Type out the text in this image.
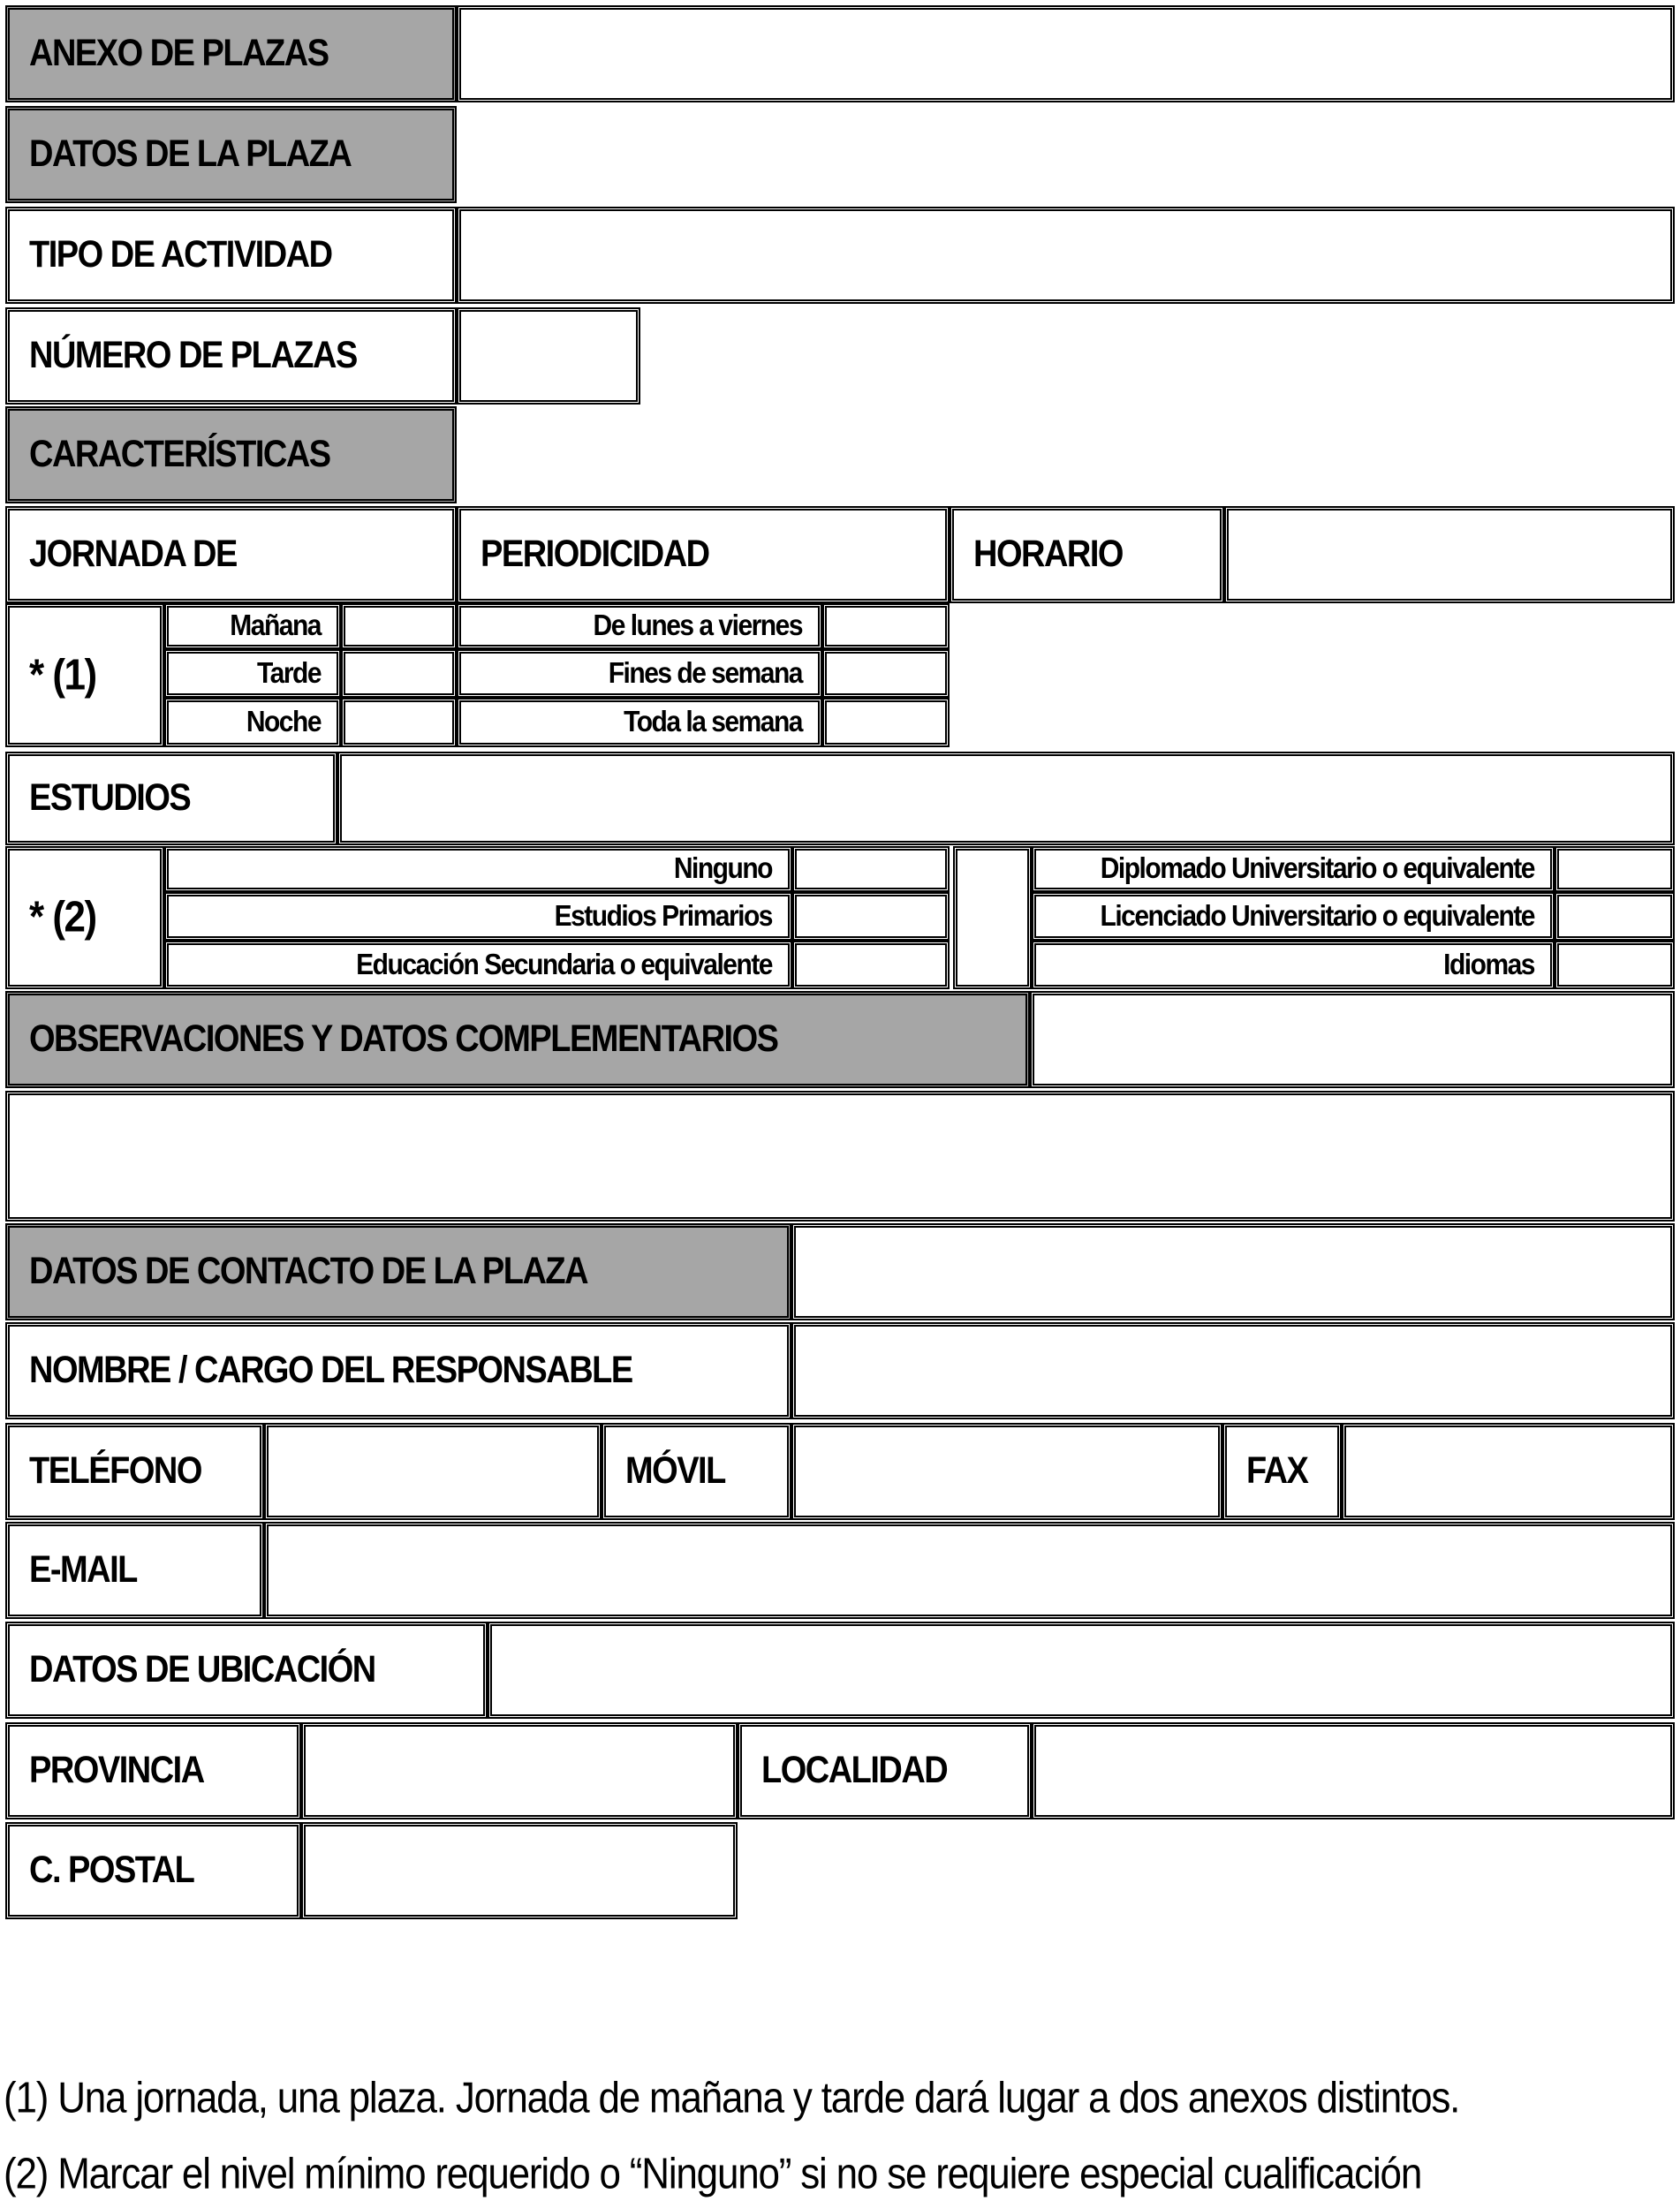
ANEXO DE PLAZAS
DATOS DE LA PLAZA
TIPO DE ACTIVIDAD
NÚMERO DE PLAZAS
CARACTERÍSTICAS
JORNADA DE	PERIODICIDAD	HORARIO
* (1)
Mañana	De lunes a viernes
Tarde	Fines de semana
Noche	Toda la semana
ESTUDIOS
* (2)
Ninguno	Diplomado Universitario o equivalente
Estudios Primarios	Licenciado Universitario o equivalente
Educación Secundaria o equivalente	Idiomas
OBSERVACIONES Y DATOS COMPLEMENTARIOS
DATOS DE CONTACTO DE LA PLAZA
NOMBRE / CARGO DEL RESPONSABLE
TELÉFONO	MÓVIL	FAX
E-MAIL
DATOS DE UBICACIÓN
PROVINCIA	LOCALIDAD
C. POSTAL
(1) Una jornada, una plaza. Jornada de mañana y tarde dará lugar a dos anexos distintos.
(2) Marcar el nivel mínimo requerido o “Ninguno” si no se requiere especial cualificación
